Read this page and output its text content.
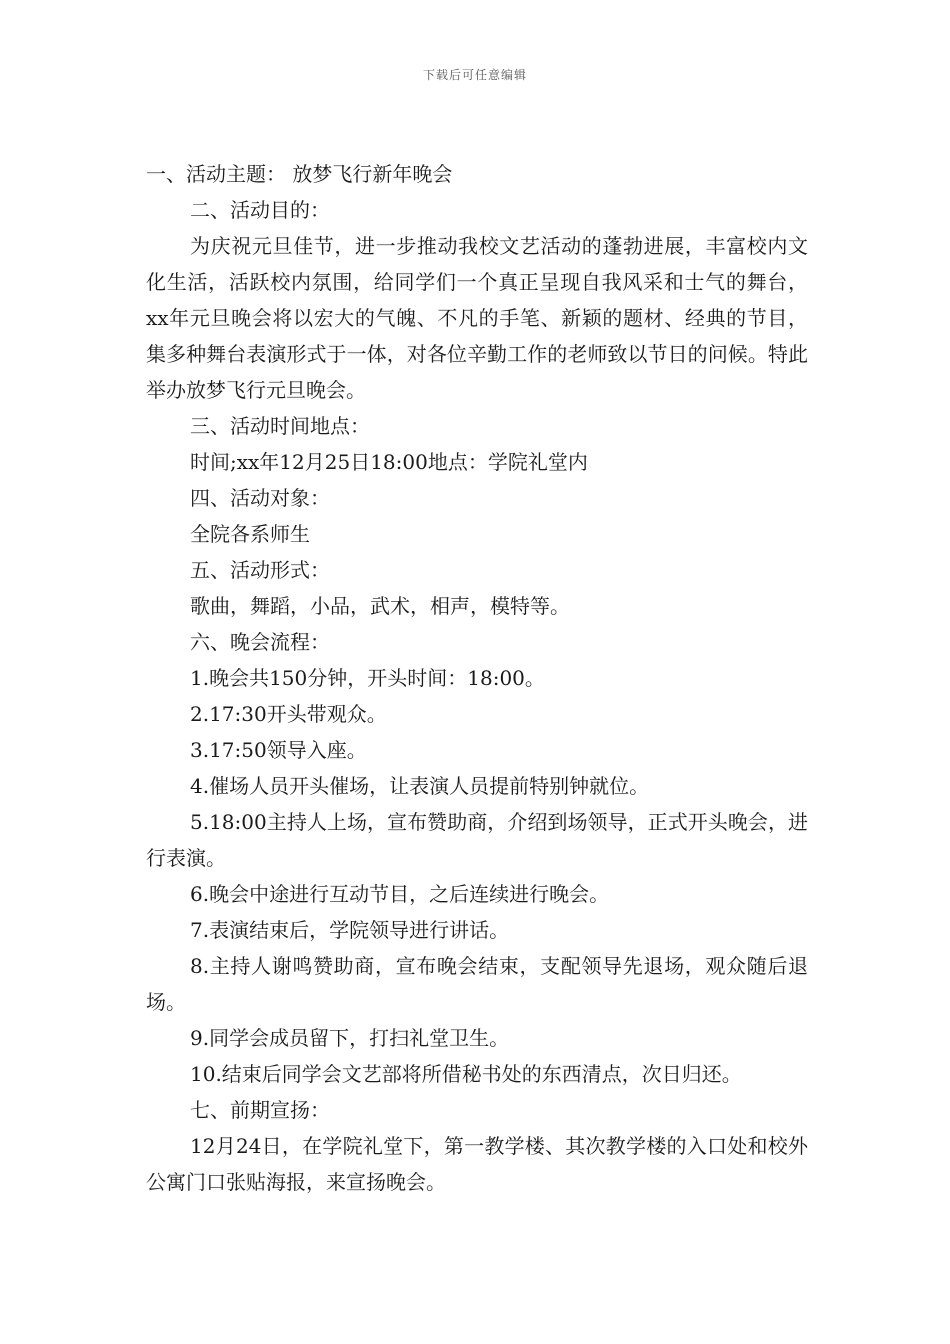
下载后可任意编辑

一、活动主题： 放梦飞行新年晚会

二、活动目的：

为庆祝元旦佳节，进一步推动我校文艺活动的蓬勃进展，丰富校内文化生活，活跃校内氛围，给同学们一个真正呈现自我风采和士气的舞台，xx年元旦晚会将以宏大的气魄、不凡的手笔、新颖的题材、经典的节目，集多种舞台表演形式于一体，对各位辛勤工作的老师致以节日的问候。特此举办放梦飞行元旦晚会。

三、活动时间地点：

时间;xx年12月25日18:00地点：学院礼堂内

四、活动对象：

全院各系师生

五、活动形式：

歌曲，舞蹈，小品，武术，相声，模特等。

六、晚会流程：

1.晚会共150分钟，开头时间：18:00。

2.17:30开头带观众。

3.17:50领导入座。

4.催场人员开头催场，让表演人员提前特别钟就位。

5.18:00主持人上场，宣布赞助商，介绍到场领导，正式开头晚会，进行表演。

6.晚会中途进行互动节目，之后连续进行晚会。

7.表演结束后，学院领导进行讲话。

8.主持人谢鸣赞助商，宣布晚会结束，支配领导先退场，观众随后退场。

9.同学会成员留下，打扫礼堂卫生。

10.结束后同学会文艺部将所借秘书处的东西清点，次日归还。

七、前期宣扬：

12月24日，在学院礼堂下，第一教学楼、其次教学楼的入口处和校外公寓门口张贴海报，来宣扬晚会。
